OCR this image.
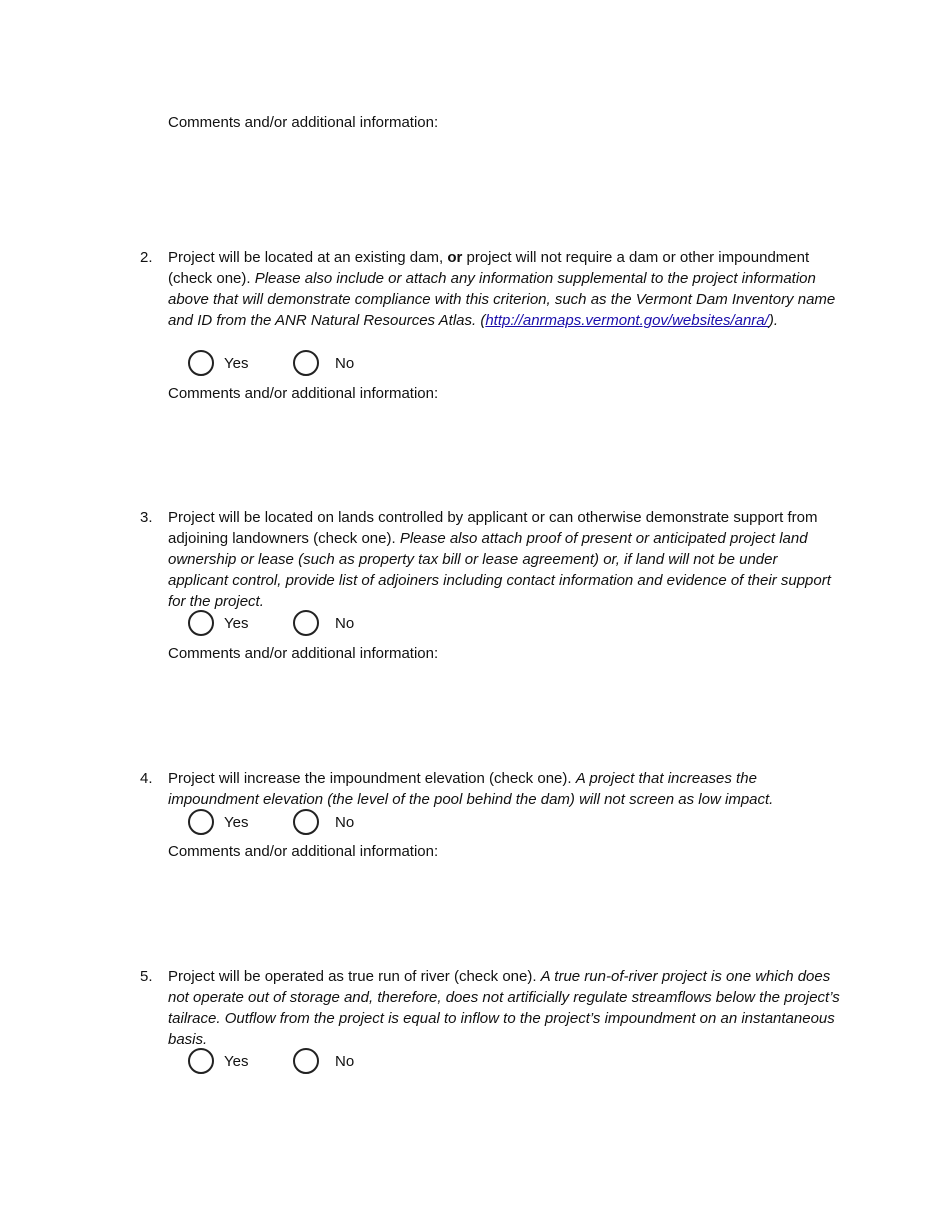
Comments and/or additional information:
2.	Project will be located at an existing dam, or project will not require a dam or other impoundment (check one). Please also include or attach any information supplemental to the project information above that will demonstrate compliance with this criterion, such as the Vermont Dam Inventory name and ID from the ANR Natural Resources Atlas. (http://anrmaps.vermont.gov/websites/anra/).

Yes	No
Comments and/or additional information:
3.	Project will be located on lands controlled by applicant or can otherwise demonstrate support from adjoining landowners (check one). Please also attach proof of present or anticipated project land ownership or lease (such as property tax bill or lease agreement) or, if land will not be under applicant control, provide list of adjoiners including contact information and evidence of their support for the project.

Yes	No
Comments and/or additional information:
4.	Project will increase the impoundment elevation (check one). A project that increases the impoundment elevation (the level of the pool behind the dam) will not screen as low impact.

Yes	No
Comments and/or additional information:
5.	Project will be operated as true run of river (check one). A true run-of-river project is one which does not operate out of storage and, therefore, does not artificially regulate streamflows below the project’s tailrace. Outflow from the project is equal to inflow to the project’s impoundment on an instantaneous basis.

Yes	No
